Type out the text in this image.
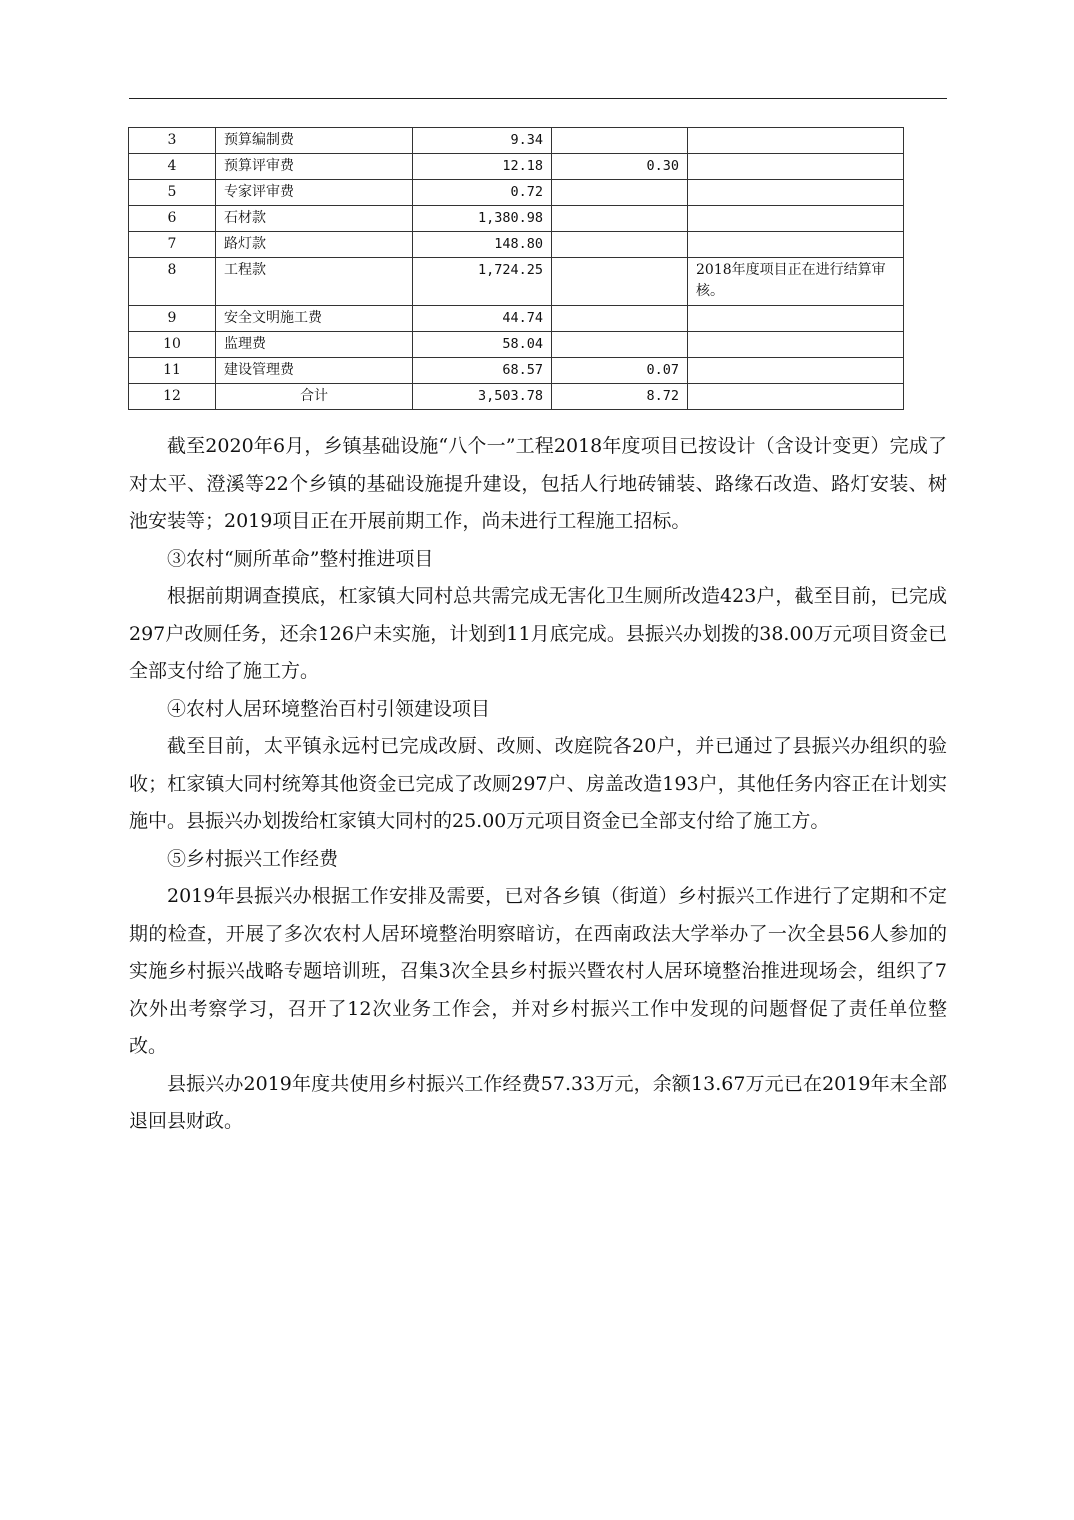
3	预算编制费	9.34		
4	预算评审费	12.18	0.30	
5	专家评审费	0.72		
6	石材款	1,380.98		
7	路灯款	148.80		
8	工程款	1,724.25		2018年度项目正在进行结算审核。
9	安全文明施工费	44.74		
10	监理费	58.04		
11	建设管理费	68.57	0.07	
12	合计	3,503.78	8.72	

截至2020年6月，乡镇基础设施“八个一”工程2018年度项目已按设计（含设计变更）完成了对太平、澄溪等22个乡镇的基础设施提升建设，包括人行地砖铺装、路缘石改造、路灯安装、树池安装等；2019项目正在开展前期工作，尚未进行工程施工招标。

③农村“厕所革命”整村推进项目

根据前期调查摸底，杠家镇大同村总共需完成无害化卫生厕所改造423户，截至目前，已完成297户改厕任务，还余126户未实施，计划到11月底完成。县振兴办划拨的38.00万元项目资金已全部支付给了施工方。

④农村人居环境整治百村引领建设项目

截至目前，太平镇永远村已完成改厨、改厕、改庭院各20户，并已通过了县振兴办组织的验收；杠家镇大同村统筹其他资金已完成了改厕297户、房盖改造193户，其他任务内容正在计划实施中。县振兴办划拨给杠家镇大同村的25.00万元项目资金已全部支付给了施工方。

⑤乡村振兴工作经费

2019年县振兴办根据工作安排及需要，已对各乡镇（街道）乡村振兴工作进行了定期和不定期的检查，开展了多次农村人居环境整治明察暗访，在西南政法大学举办了一次全县56人参加的实施乡村振兴战略专题培训班，召集3次全县乡村振兴暨农村人居环境整治推进现场会，组织了7次外出考察学习，召开了12次业务工作会，并对乡村振兴工作中发现的问题督促了责任单位整改。

县振兴办2019年度共使用乡村振兴工作经费57.33万元，余额13.67万元已在2019年末全部退回县财政。
